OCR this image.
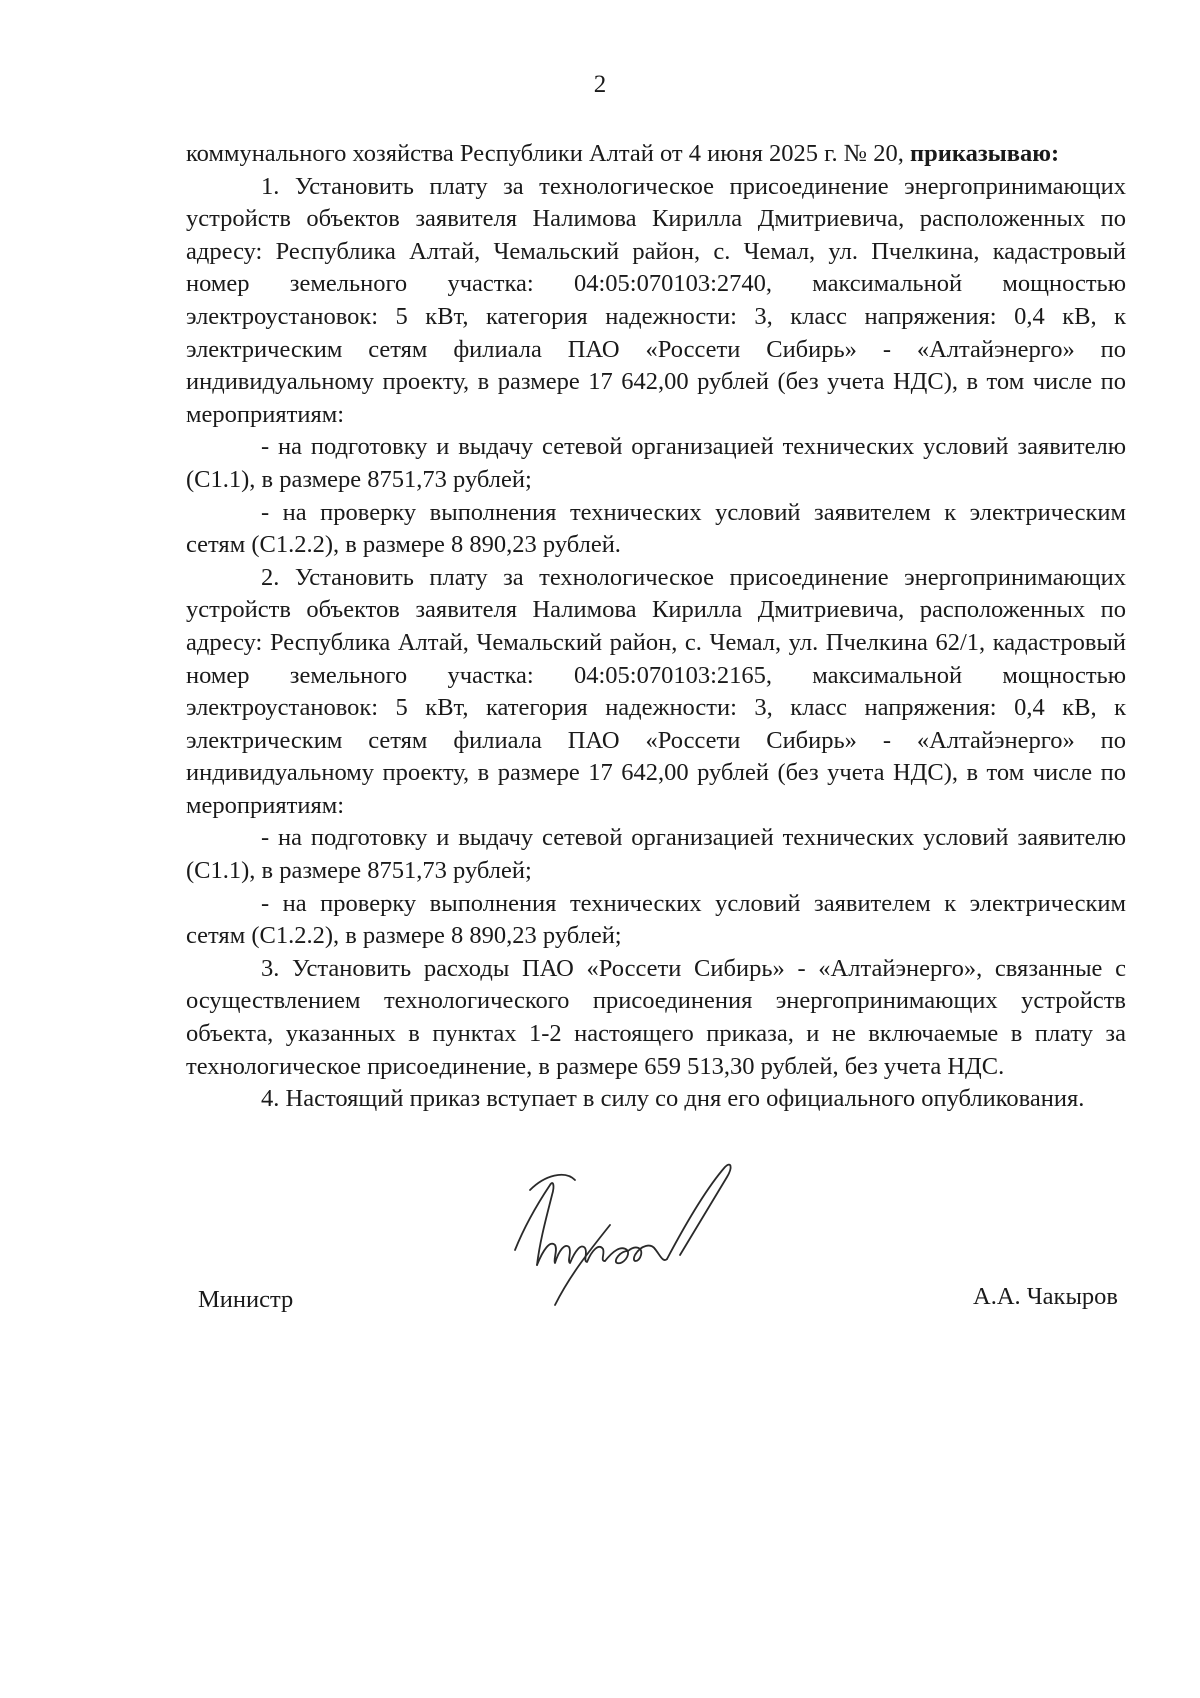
2

коммунального хозяйства Республики Алтай от 4 июня 2025 г. № 20, приказываю:

1. Установить плату за технологическое присоединение энергопринимающих устройств объектов заявителя Налимова Кирилла Дмитриевича, расположенных по адресу: Республика Алтай, Чемальский район, с. Чемал, ул. Пчелкина, кадастровый номер земельного участка: 04:05:070103:2740, максимальной мощностью электроустановок: 5 кВт, категория надежности: 3, класс напряжения: 0,4 кВ, к электрическим сетям филиала ПАО «Россети Сибирь» - «Алтайэнерго» по индивидуальному проекту, в размере 17 642,00 рублей (без учета НДС), в том числе по мероприятиям:

- на подготовку и выдачу сетевой организацией технических условий заявителю (С1.1), в размере 8751,73 рублей;

- на проверку выполнения технических условий заявителем к электрическим сетям (С1.2.2), в размере 8 890,23 рублей.

2. Установить плату за технологическое присоединение энергопринимающих устройств объектов заявителя Налимова Кирилла Дмитриевича, расположенных по адресу: Республика Алтай, Чемальский район, с. Чемал, ул. Пчелкина 62/1, кадастровый номер земельного участка: 04:05:070103:2165, максимальной мощностью электроустановок: 5 кВт, категория надежности: 3, класс напряжения: 0,4 кВ, к электрическим сетям филиала ПАО «Россети Сибирь» - «Алтайэнерго» по индивидуальному проекту, в размере 17 642,00 рублей (без учета НДС), в том числе по мероприятиям:

- на подготовку и выдачу сетевой организацией технических условий заявителю (С1.1), в размере 8751,73 рублей;

- на проверку выполнения технических условий заявителем к электрическим сетям (С1.2.2), в размере 8 890,23 рублей;

3. Установить расходы ПАО «Россети Сибирь» - «Алтайэнерго», связанные с осуществлением технологического присоединения энергопринимающих устройств объекта, указанных в пунктах 1-2 настоящего приказа, и не включаемые в плату за технологическое присоединение, в размере 659 513,30 рублей, без учета НДС.

4. Настоящий приказ вступает в силу со дня его официального опубликования.

Министр	А.А. Чакыров
